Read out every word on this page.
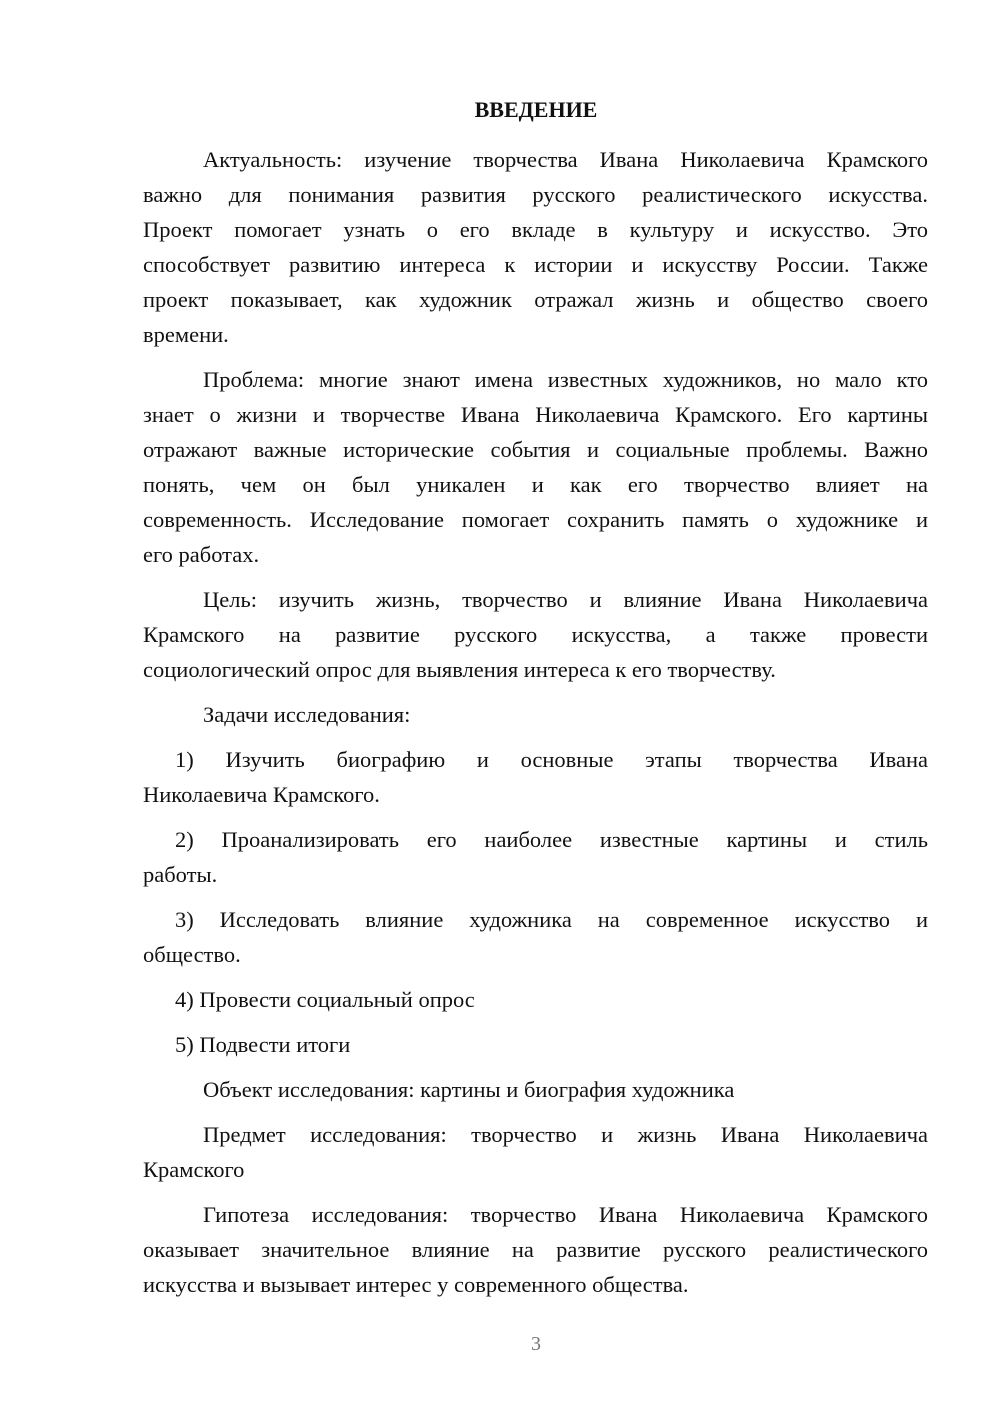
ВВЕДЕНИЕ
Актуальность: изучение творчества Ивана Николаевича Крамского
важно для понимания развития русского реалистического искусства.
Проект помогает узнать о его вкладе в культуру и искусство. Это
способствует развитию интереса к истории и искусству России. Также
проект показывает, как художник отражал жизнь и общество своего
времени.
Проблема: многие знают имена известных художников, но мало кто
знает о жизни и творчестве Ивана Николаевича Крамского. Его картины
отражают важные исторические события и социальные проблемы. Важно
понять, чем он был уникален и как его творчество влияет на
современность. Исследование помогает сохранить память о художнике и
его работах.
Цель: изучить жизнь, творчество и влияние Ивана Николаевича
Крамского на развитие русского искусства, а также провести
социологический опрос для выявления интереса к его творчеству.
Задачи исследования:
1) Изучить биографию и основные этапы творчества Ивана
Николаевича Крамского.
2) Проанализировать его наиболее известные картины и стиль
работы.
3) Исследовать влияние художника на современное искусство и
общество.
4) Провести социальный опрос
5) Подвести итоги
Объект исследования: картины и биография художника
Предмет исследования: творчество и жизнь Ивана Николаевича
Крамского
Гипотеза исследования: творчество Ивана Николаевича Крамского
оказывает значительное влияние на развитие русского реалистического
искусства и вызывает интерес у современного общества.
3
